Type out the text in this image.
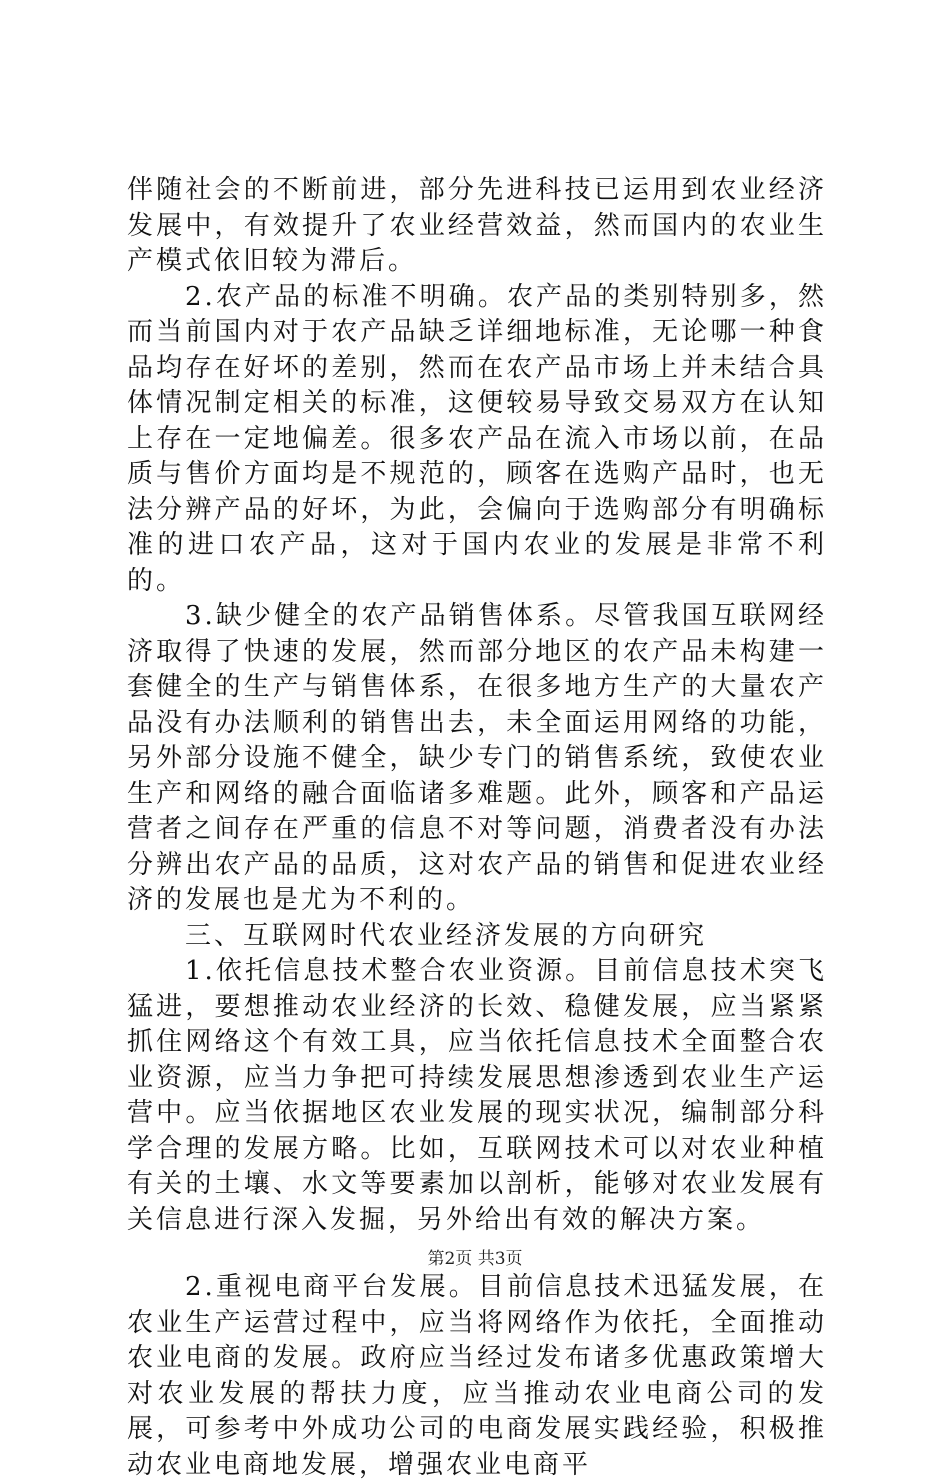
伴随社会的不断前进，部分先进科技已运用到农业经济发展中，有效提升了农业经营效益，然而国内的农业生产模式依旧较为滞后。

2.农产品的标准不明确。农产品的类别特别多，然而当前国内对于农产品缺乏详细地标准，无论哪一种食品均存在好坏的差别，然而在农产品市场上并未结合具体情况制定相关的标准，这便较易导致交易双方在认知上存在一定地偏差。很多农产品在流入市场以前，在品质与售价方面均是不规范的，顾客在选购产品时，也无法分辨产品的好坏，为此，会偏向于选购部分有明确标准的进口农产品，这对于国内农业的发展是非常不利的。

3.缺少健全的农产品销售体系。尽管我国互联网经济取得了快速的发展，然而部分地区的农产品未构建一套健全的生产与销售体系，在很多地方生产的大量农产品没有办法顺利的销售出去，未全面运用网络的功能，另外部分设施不健全，缺少专门的销售系统，致使农业生产和网络的融合面临诸多难题。此外，顾客和产品运营者之间存在严重的信息不对等问题，消费者没有办法分辨出农产品的品质，这对农产品的销售和促进农业经济的发展也是尤为不利的。

三、互联网时代农业经济发展的方向研究

1.依托信息技术整合农业资源。目前信息技术突飞猛进，要想推动农业经济的长效、稳健发展，应当紧紧抓住网络这个有效工具，应当依托信息技术全面整合农业资源，应当力争把可持续发展思想渗透到农业生产运营中。应当依据地区农业发展的现实状况，编制部分科学合理的发展方略。比如，互联网技术可以对农业种植有关的土壤、水文等要素加以剖析，能够对农业发展有关信息进行深入发掘，另外给出有效的解决方案。

2.重视电商平台发展。目前信息技术迅猛发展，在农业生产运营过程中，应当将网络作为依托，全面推动农业电商的发展。政府应当经过发布诸多优惠政策增大对农业发展的帮扶力度，应当推动农业电商公司的发展，可参考中外成功公司的电商发展实践经验，积极推动农业电商地发展，增强农业电商平

第2页 共3页
